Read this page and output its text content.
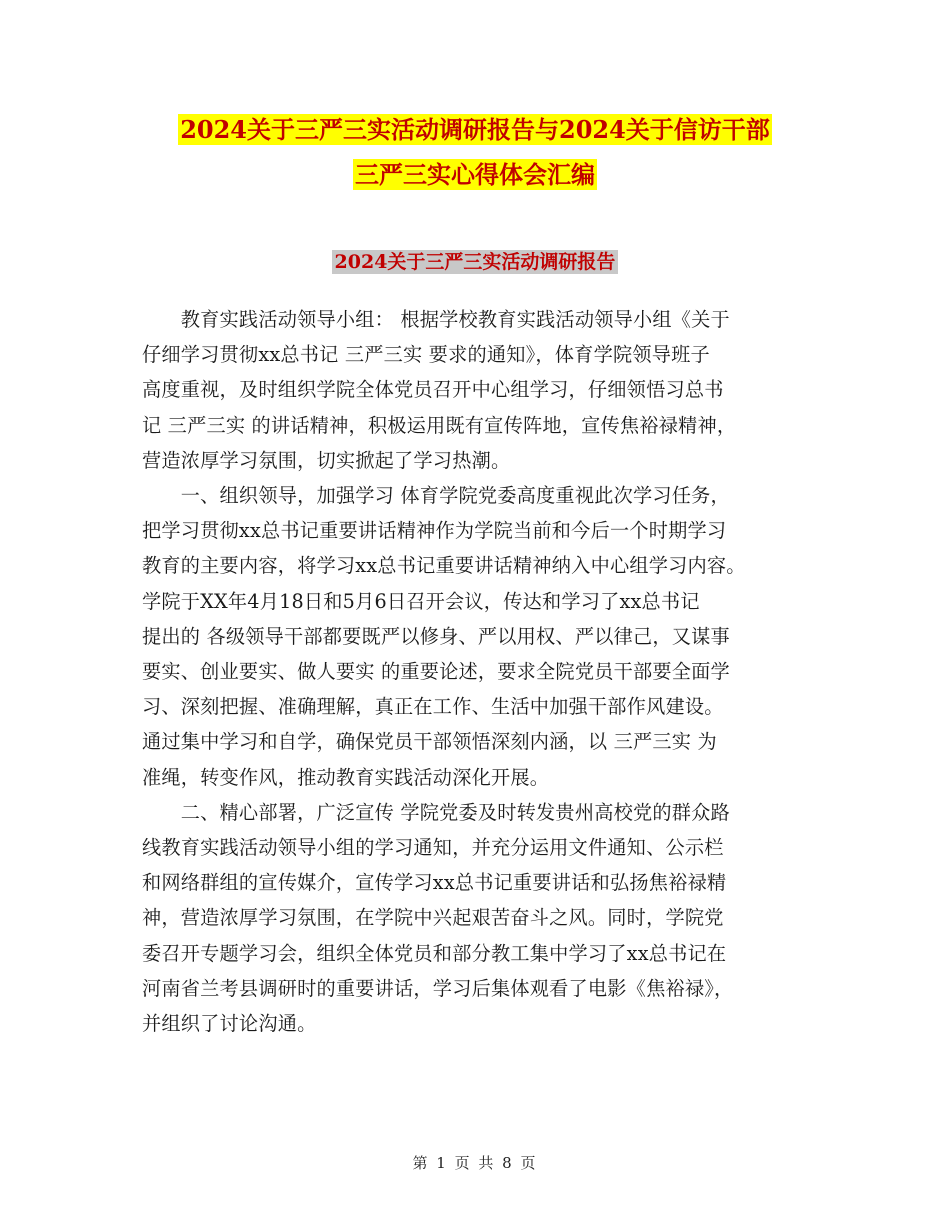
2024关于三严三实活动调研报告与2024关于信访干部
三严三实心得体会汇编
2024关于三严三实活动调研报告

　　教育实践活动领导小组： 根据学校教育实践活动领导小组《关于
仔细学习贯彻xx总书记 三严三实 要求的通知》，体育学院领导班子
高度重视，及时组织学院全体党员召开中心组学习，仔细领悟习总书
记 三严三实 的讲话精神，积极运用既有宣传阵地，宣传焦裕禄精神，
营造浓厚学习氛围，切实掀起了学习热潮。

　　一、组织领导，加强学习 体育学院党委高度重视此次学习任务，
把学习贯彻xx总书记重要讲话精神作为学院当前和今后一个时期学习
教育的主要内容，将学习xx总书记重要讲话精神纳入中心组学习内容。
学院于XX年4月18日和5月6日召开会议，传达和学习了xx总书记
提出的 各级领导干部都要既严以修身、严以用权、严以律己，又谋事
要实、创业要实、做人要实 的重要论述，要求全院党员干部要全面学
习、深刻把握、准确理解，真正在工作、生活中加强干部作风建设。
通过集中学习和自学，确保党员干部领悟深刻内涵，以 三严三实 为
准绳，转变作风，推动教育实践活动深化开展。

　　二、精心部署，广泛宣传 学院党委及时转发贵州高校党的群众路
线教育实践活动领导小组的学习通知，并充分运用文件通知、公示栏
和网络群组的宣传媒介，宣传学习xx总书记重要讲话和弘扬焦裕禄精
神，营造浓厚学习氛围，在学院中兴起艰苦奋斗之风。同时，学院党
委召开专题学习会，组织全体党员和部分教工集中学习了xx总书记在
河南省兰考县调研时的重要讲话，学习后集体观看了电影《焦裕禄》，
并组织了讨论沟通。

第 1 页 共 8 页
